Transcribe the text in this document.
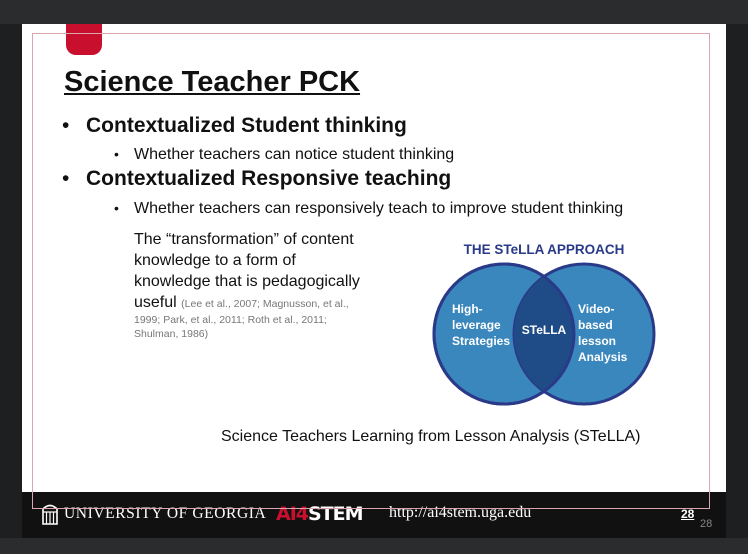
Science Teacher PCK
• Contextualized Student thinking
• Whether teachers can notice student thinking
• Contextualized Responsive teaching
• Whether teachers can responsively teach to improve student thinking
The “transformation” of content
knowledge to a form of
knowledge that is pedagogically
useful (Lee et al., 2007; Magnusson, et al.,
1999; Park, et al., 2011; Roth et al., 2011;
Shulman, 1986)
THE STeLLA APPROACH
High-
leverage
Strategies
STeLLA
Video-
based
lesson
Analysis
Science Teachers Learning from Lesson Analysis (STeLLA)
UNIVERSITY OF GEORGIA AI4STEM http://ai4stem.uga.edu	28
28
